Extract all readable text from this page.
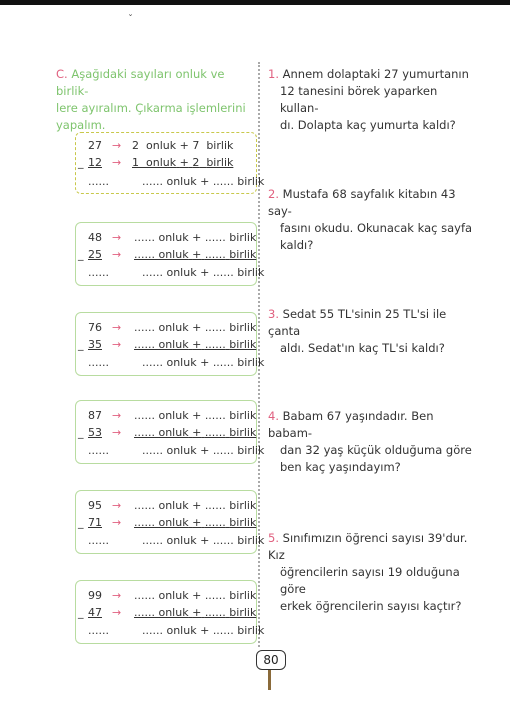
ˇ
C. Aşağıdaki sayıları onluk ve birlik-
lere ayıralım. Çıkarma işlemlerini
yapalım.
27 → 2 onluk + 7 birlik
_ 12 → 1 onluk + 2 birlik
......	...... onluk + ...... birlik
48 → ...... onluk + ...... birlik
_ 25 → ...... onluk + ...... birlik
......	...... onluk + ...... birlik
76 → ...... onluk + ...... birlik
_ 35 → ...... onluk + ...... birlik
......	...... onluk + ...... birlik
87 → ...... onluk + ...... birlik
_ 53 → ...... onluk + ...... birlik
......	...... onluk + ...... birlik
95 → ...... onluk + ...... birlik
_ 71 → ...... onluk + ...... birlik
......	...... onluk + ...... birlik
99 → ...... onluk + ...... birlik
_ 47 → ...... onluk + ...... birlik
......	...... onluk + ...... birlik
1. Annem dolaptaki 27 yumurtanın
12 tanesini börek yaparken kullan-
dı. Dolapta kaç yumurta kaldı?
2. Mustafa 68 sayfalık kitabın 43 say-
fasını okudu. Okunacak kaç sayfa
kaldı?
3. Sedat 55 TL'sinin 25 TL'si ile çanta
aldı. Sedat'ın kaç TL'si kaldı?
4. Babam 67 yaşındadır. Ben babam-
dan 32 yaş küçük olduğuma göre
ben kaç yaşındayım?
5. Sınıfımızın öğrenci sayısı 39'dur. Kız
öğrencilerin sayısı 19 olduğuna göre
erkek öğrencilerin sayısı kaçtır?
80
